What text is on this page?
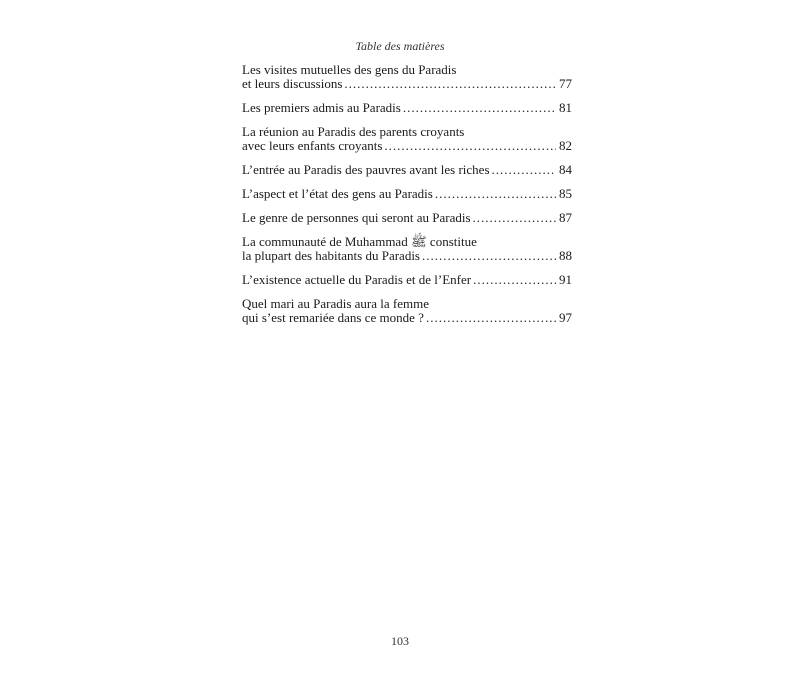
Table des matières
Les visites mutuelles des gens du Paradis
et leurs discussions .....	77
Les premiers admis au Paradis .....	81
La réunion au Paradis des parents croyants
avec leurs enfants croyants .....	82
L’entrée au Paradis des pauvres avant les riches .....	84
L’aspect et l’état des gens au Paradis .....	85
Le genre de personnes qui seront au Paradis .....	87
La communauté de Muhammad ﷺ constitue
la plupart des habitants du Paradis .....	88
L’existence actuelle du Paradis et de l’Enfer .....	91
Quel mari au Paradis aura la femme
qui s’est remariée dans ce monde ? .....	97
103
